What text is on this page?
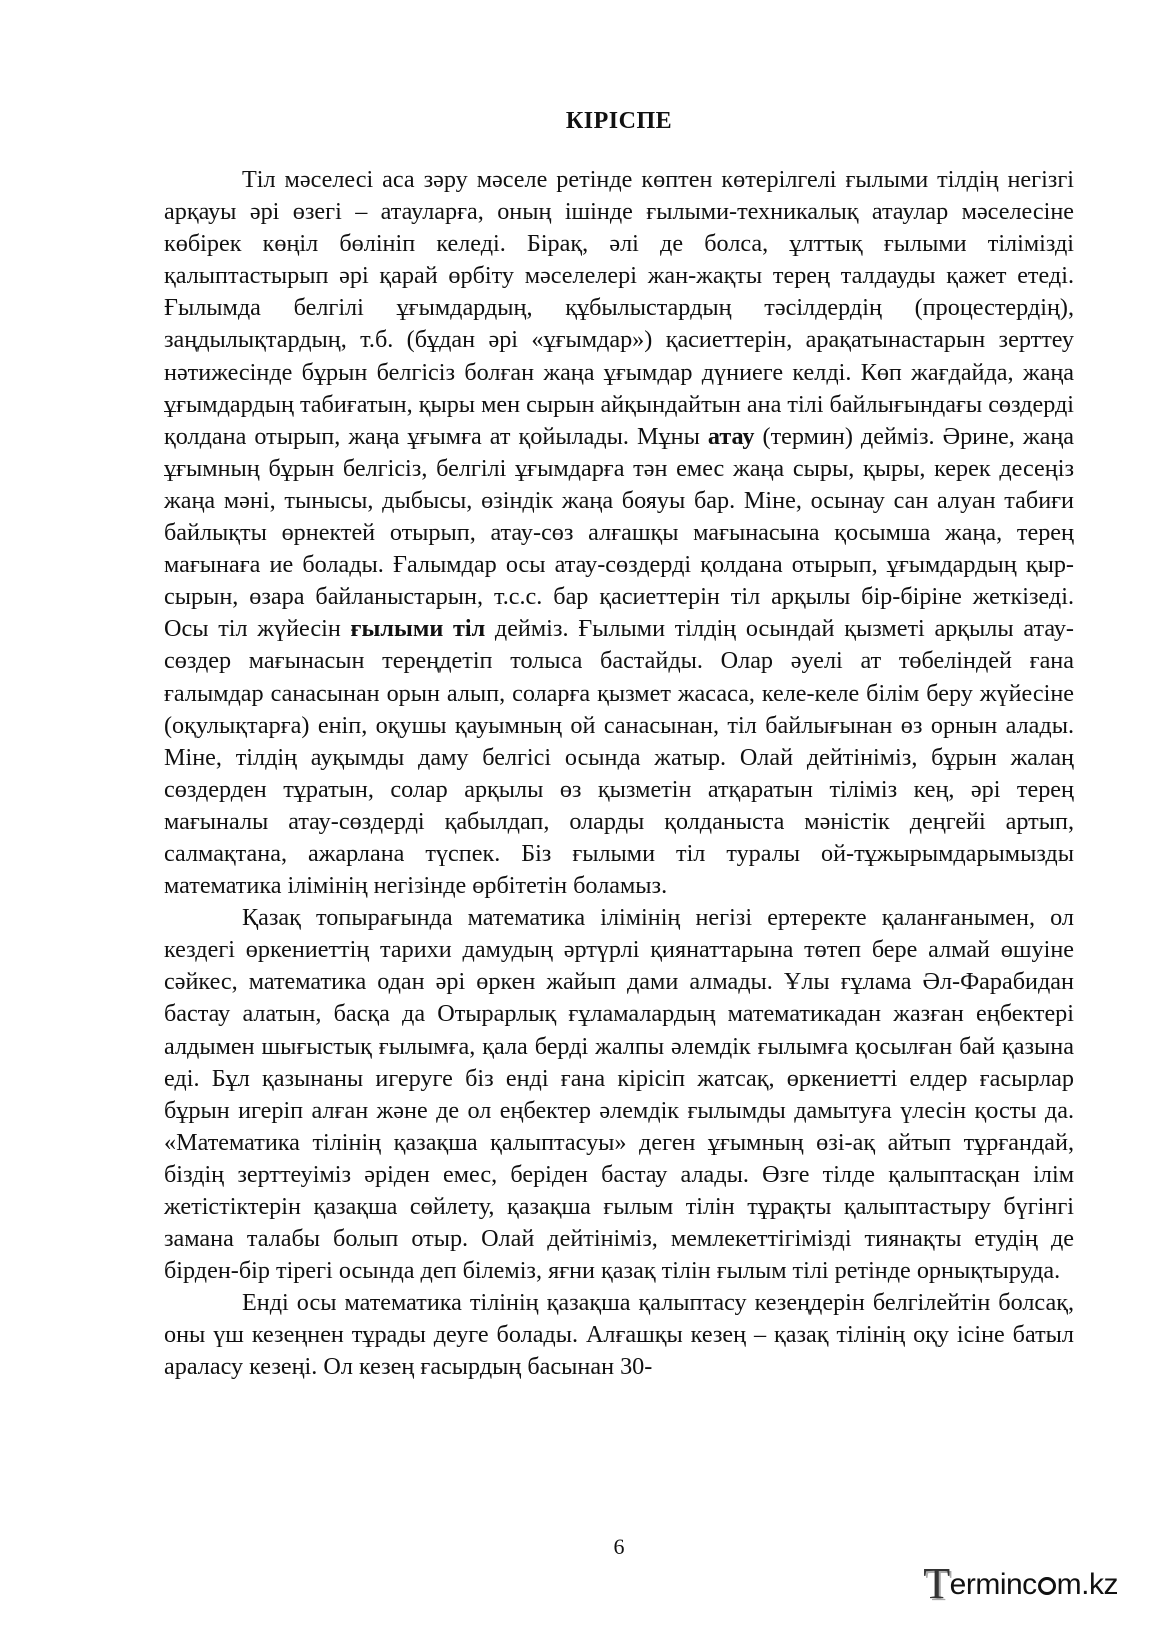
КІРІСПЕ

Тіл мәселесі аса зәру мәселе ретінде көптен көтерілгелі ғылыми тілдің негізгі арқауы әрі өзегі – атауларға, оның ішінде ғылыми-техникалық атаулар мәселесіне көбірек көңіл бөлініп келеді. Бірақ, әлі де болса, ұлттық ғылыми тілімізді қалыптастырып әрі қарай өрбіту мәселелері жан-жақты терең талдауды қажет етеді. Ғылымда белгілі ұғымдардың, құбылыстардың тәсілдердің (процестердің), заңдылықтардың, т.б. (бұдан әрі «ұғымдар») қасиеттерін, арақатынастарын зерттеу нәтижесінде бұрын белгісіз болған жаңа ұғымдар дүниеге келді. Көп жағдайда, жаңа ұғымдардың табиғатын, қыры мен сырын айқындайтын ана тілі байлығындағы сөздерді қолдана отырып, жаңа ұғымға ат қойылады. Мұны атау (термин) дейміз. Әрине, жаңа ұғымның бұрын белгісіз, белгілі ұғымдарға тән емес жаңа сыры, қыры, керек десеңіз жаңа мәні, тынысы, дыбысы, өзіндік жаңа бояуы бар. Міне, осынау сан алуан табиғи байлықты өрнектей отырып, атау-сөз алғашқы мағынасына қосымша жаңа, терең мағынаға ие болады. Ғалымдар осы атау-сөздерді қолдана отырып, ұғымдардың қыр-сырын, өзара байланыстарын, т.с.с. бар қасиеттерін тіл арқылы бір-біріне жеткізеді. Осы тіл жүйесін ғылыми тіл дейміз. Ғылыми тілдің осындай қызметі арқылы атау-сөздер мағынасын тереңдетіп толыса бастайды. Олар әуелі ат төбеліндей ғана ғалымдар санасынан орын алып, соларға қызмет жасаса, келе-келе білім беру жүйесіне (оқулықтарға) еніп, оқушы қауымның ой санасынан, тіл байлығынан өз орнын алады. Міне, тілдің ауқымды даму белгісі осында жатыр. Олай дейтініміз, бұрын жалаң сөздерден тұратын, солар арқылы өз қызметін атқаратын тіліміз кең, әрі терең мағыналы атау-сөздерді қабылдап, оларды қолданыста мәністік деңгейі артып, салмақтана, ажарлана түспек. Біз ғылыми тіл туралы ой-тұжырымдарымызды математика ілімінің негізінде өрбітетін боламыз.

Қазақ топырағында математика ілімінің негізі ертеректе қаланғанымен, ол кездегі өркениеттің тарихи дамудың әртүрлі қиянаттарына төтеп бере алмай өшуіне сәйкес, математика одан әрі өркен жайып дами алмады. Ұлы ғұлама Әл-Фарабидан бастау алатын, басқа да Отырарлық ғұламалардың математикадан жазған еңбектері алдымен шығыстық ғылымға, қала берді жалпы әлемдік ғылымға қосылған бай қазына еді. Бұл қазынаны игеруге біз енді ғана кірісіп жатсақ, өркениетті елдер ғасырлар бұрын игеріп алған және де ол еңбектер әлемдік ғылымды дамытуға үлесін қосты да. «Математика тілінің қазақша қалыптасуы» деген ұғымның өзі-ақ айтып тұрғандай, біздің зерттеуіміз әріден емес, беріден бастау алады. Өзге тілде қалыптасқан ілім жетістіктерін қазақша сөйлету, қазақша ғылым тілін тұрақты қалыптастыру бүгінгі замана талабы болып отыр. Олай дейтініміз, мемлекеттігімізді тиянақты етудің де бірден-бір тірегі осында деп білеміз, яғни қазақ тілін ғылым тілі ретінде орнықтыруда.

Енді осы математика тілінің қазақша қалыптасу кезеңдерін белгілейтін болсақ, оны үш кезеңнен тұрады деуге болады. Алғашқы кезең – қазақ тілінің оқу ісіне батыл араласу кезеңі. Ол кезең ғасырдың басынан 30-

6
Terminc m.kz
